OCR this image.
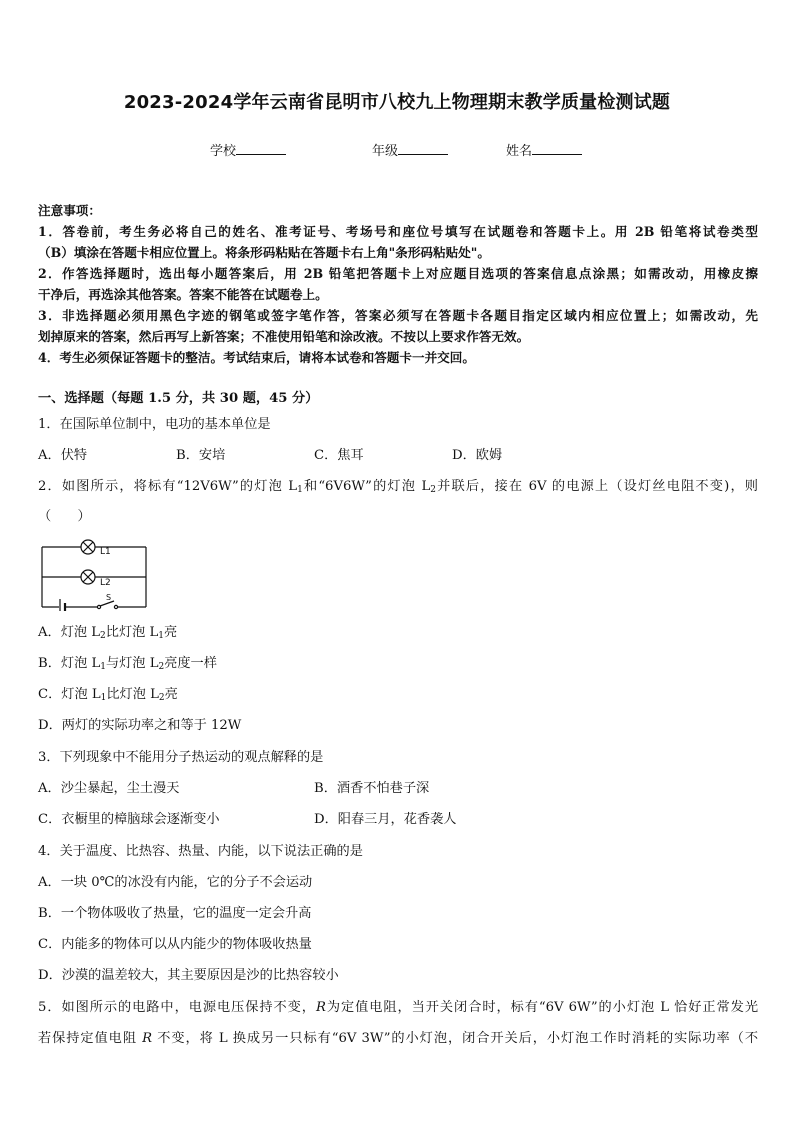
2023-2024学年云南省昆明市八校九上物理期末教学质量检测试题
学校	年级	姓名
注意事项：
1．答卷前，考生务必将自己的姓名、准考证号、考场号和座位号填写在试题卷和答题卡上。用 2B 铅笔将试卷类型
（B）填涂在答题卡相应位置上。将条形码粘贴在答题卡右上角"条形码粘贴处"。
2．作答选择题时，选出每小题答案后，用 2B 铅笔把答题卡上对应题目选项的答案信息点涂黑；如需改动，用橡皮擦
干净后，再选涂其他答案。答案不能答在试题卷上。
3．非选择题必须用黑色字迹的钢笔或签字笔作答，答案必须写在答题卡各题目指定区域内相应位置上；如需改动，先
划掉原来的答案，然后再写上新答案；不准使用铅笔和涂改液。不按以上要求作答无效。
4．考生必须保证答题卡的整洁。考试结束后，请将本试卷和答题卡一并交回。
一、选择题（每题 1.5 分，共 30 题，45 分）
1．在国际单位制中，电功的基本单位是
A．伏特	B．安培	C．焦耳	D．欧姆
2．如图所示，将标有“12V6W”的灯泡 $L_1$和“6V6W”的灯泡 $L_2$并联后，接在 6V 的电源上（设灯丝电阻不变)，则
（　　）
L1
L2
S
A．灯泡 $L_2$比灯泡 $L_1$亮
B．灯泡 $L_1$与灯泡 $L_2$亮度一样
C．灯泡 $L_1$比灯泡 $L_2$亮
D．两灯的实际功率之和等于 12W
3．下列现象中不能用分子热运动的观点解释的是
A．沙尘暴起，尘土漫天	B．酒香不怕巷子深
C．衣橱里的樟脑球会逐渐变小	D．阳春三月，花香袭人
4．关于温度、比热容、热量、内能，以下说法正确的是
A．一块 0℃的冰没有内能，它的分子不会运动
B．一个物体吸收了热量，它的温度一定会升高
C．内能多的物体可以从内能少的物体吸收热量
D．沙漠的温差较大，其主要原因是沙的比热容较小
5．如图所示的电路中，电源电压保持不变，R为定值电阻，当开关闭合时，标有“6V 6W”的小灯泡 L 恰好正常发光
若保持定值电阻 R 不变，将 L 换成另一只标有“6V 3W”的小灯泡，闭合开关后，小灯泡工作时消耗的实际功率（不
